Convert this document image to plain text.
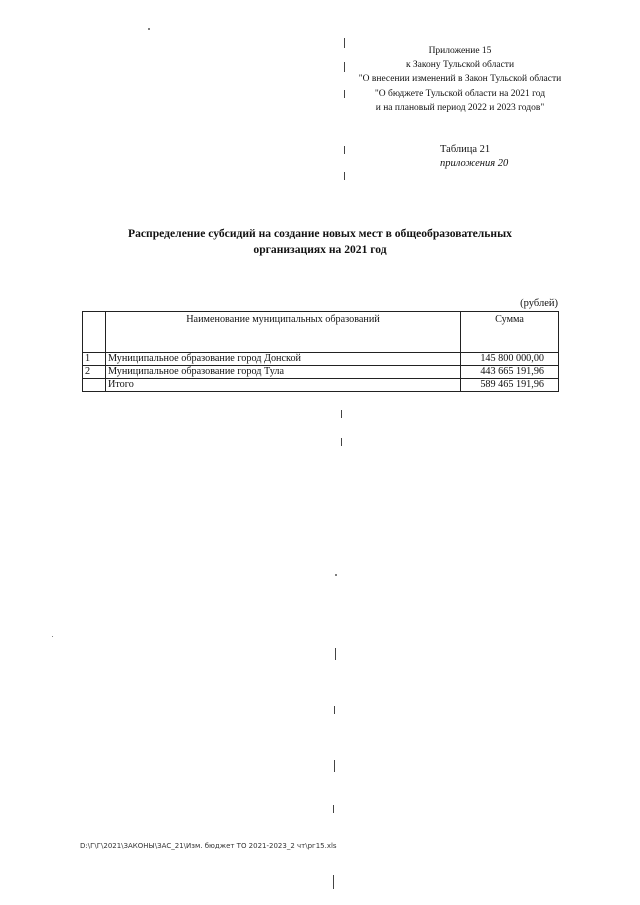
Приложение 15
к Закону Тульской области
"О внесении изменений в Закон Тульской области
"О бюджете Тульской области на 2021 год
и на плановый период 2022 и 2023 годов"
Таблица 21
приложения 20
Распределение субсидий на создание новых мест в общеобразовательных
организациях на 2021 год
(рублей)
	Наименование муниципальных образований	Сумма
1	Муниципальное образование город Донской	145 800 000,00
2	Муниципальное образование город Тула	443 665 191,96
	Итого	589 465 191,96
D:\Г\Г\2021\ЗАКОНЫ\ЗАС_21\Изм. бюджет ТО 2021-2023_2 чт\рг15.xls
